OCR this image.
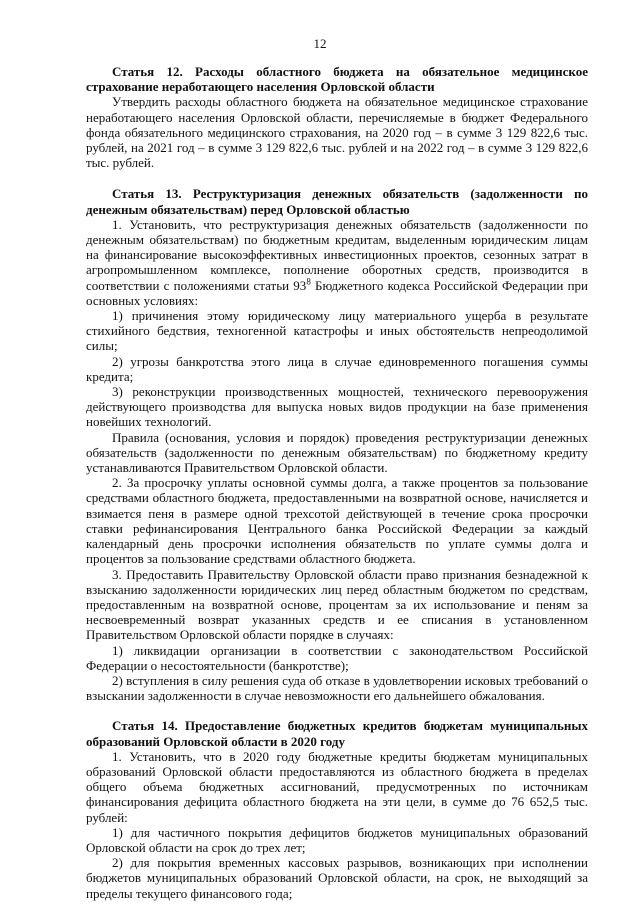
12

Статья 12. Расходы областного бюджета на обязательное медицинское страхование неработающего населения Орловской области

Утвердить расходы областного бюджета на обязательное медицинское страхование неработающего населения Орловской области, перечисляемые в бюджет Федерального фонда обязательного медицинского страхования, на 2020 год – в сумме 3 129 822,6 тыс. рублей, на 2021 год – в сумме 3 129 822,6 тыс. рублей и на 2022 год – в сумме 3 129 822,6 тыс. рублей.

Статья 13. Реструктуризация денежных обязательств (задолженности по денежным обязательствам) перед Орловской областью

1. Установить, что реструктуризация денежных обязательств (задолженности по денежным обязательствам) по бюджетным кредитам, выделенным юридическим лицам на финансирование высокоэффективных инвестиционных проектов, сезонных затрат в агропромышленном комплексе, пополнение оборотных средств, производится в соответствии с положениями статьи $93^8$ Бюджетного кодекса Российской Федерации при основных условиях:

1) причинения этому юридическому лицу материального ущерба в результате стихийного бедствия, техногенной катастрофы и иных обстоятельств непреодолимой силы;

2) угрозы банкротства этого лица в случае единовременного погашения суммы кредита;

3) реконструкции производственных мощностей, технического перевооружения действующего производства для выпуска новых видов продукции на базе применения новейших технологий.

Правила (основания, условия и порядок) проведения реструктуризации денежных обязательств (задолженности по денежным обязательствам) по бюджетному кредиту устанавливаются Правительством Орловской области.

2. За просрочку уплаты основной суммы долга, а также процентов за пользование средствами областного бюджета, предоставленными на возвратной основе, начисляется и взимается пеня в размере одной трехсотой действующей в течение срока просрочки ставки рефинансирования Центрального банка Российской Федерации за каждый календарный день просрочки исполнения обязательств по уплате суммы долга и процентов за пользование средствами областного бюджета.

3. Предоставить Правительству Орловской области право признания безнадежной к взысканию задолженности юридических лиц перед областным бюджетом по средствам, предоставленным на возвратной основе, процентам за их использование и пеням за несвоевременный возврат указанных средств и ее списания в установленном Правительством Орловской области порядке в случаях:

1) ликвидации организации в соответствии с законодательством Российской Федерации о несостоятельности (банкротстве);

2) вступления в силу решения суда об отказе в удовлетворении исковых требований о взыскании задолженности в случае невозможности его дальнейшего обжалования.

Статья 14. Предоставление бюджетных кредитов бюджетам муниципальных образований Орловской области в 2020 году

1. Установить, что в 2020 году бюджетные кредиты бюджетам муниципальных образований Орловской области предоставляются из областного бюджета в пределах общего объема бюджетных ассигнований, предусмотренных по источникам финансирования дефицита областного бюджета на эти цели, в сумме до 76 652,5 тыс. рублей:

1) для частичного покрытия дефицитов бюджетов муниципальных образований Орловской области на срок до трех лет;

2) для покрытия временных кассовых разрывов, возникающих при исполнении бюджетов муниципальных образований Орловской области, на срок, не выходящий за пределы текущего финансового года;
